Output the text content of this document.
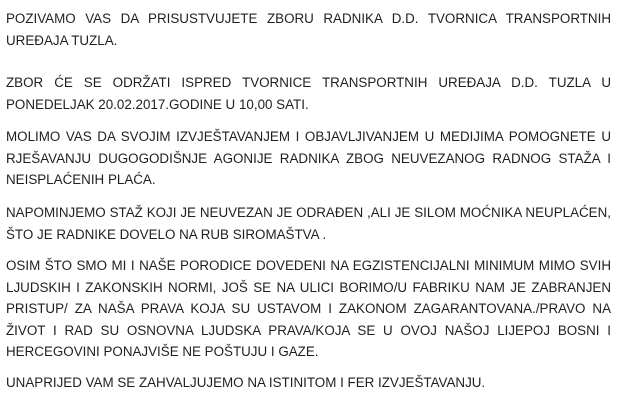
POZIVAMO VAS DA PRISUSTVUJETE ZBORU RADNIKA D.D. TVORNICA TRANSPORTNIH UREĐAJA TUZLA.

ZBOR ĆE SE ODRŽATI ISPRED TVORNICE TRANSPORTNIH UREĐAJA D.D. TUZLA U PONEDELJAK 20.02.2017.GODINE U 10,00 SATI.

MOLIMO VAS DA SVOJIM IZVJEŠTAVANJEM I OBJAVLJIVANJEM U MEDIJIMA POMOGNETE U RJEŠAVANJU DUGOGODIŠNJE AGONIJE RADNIKA ZBOG NEUVEZANOG RADNOG STAŽA I NEISPLAĆENIH PLAĆA.

NAPOMINJEMO STAŽ KOJI JE NEUVEZAN JE ODRAĐEN ,ALI JE SILOM MOĆNIKA NEUPLAĆEN, ŠTO JE RADNIKE DOVELO NA RUB SIROMAŠTVA .

OSIM ŠTO SMO MI I NAŠE PORODICE DOVEDENI NA EGZISTENCIJALNI MINIMUM MIMO SVIH LJUDSKIH I ZAKONSKIH NORMI, JOŠ SE NA ULICI BORIMO/U FABRIKU NAM JE ZABRANJEN PRISTUP/ ZA NAŠA PRAVA KOJA SU USTAVOM I ZAKONOM ZAGARANTOVANA./PRAVO NA ŽIVOT I RAD SU OSNOVNA LJUDSKA PRAVA/KOJA SE U OVOJ NAŠOJ LIJEPOJ BOSNI I HERCEGOVINI PONAJVIŠE NE POŠTUJU I GAZE.

UNAPRIJED VAM SE ZAHVALJUJEMO NA ISTINITOM I FER IZVJEŠTAVANJU.
